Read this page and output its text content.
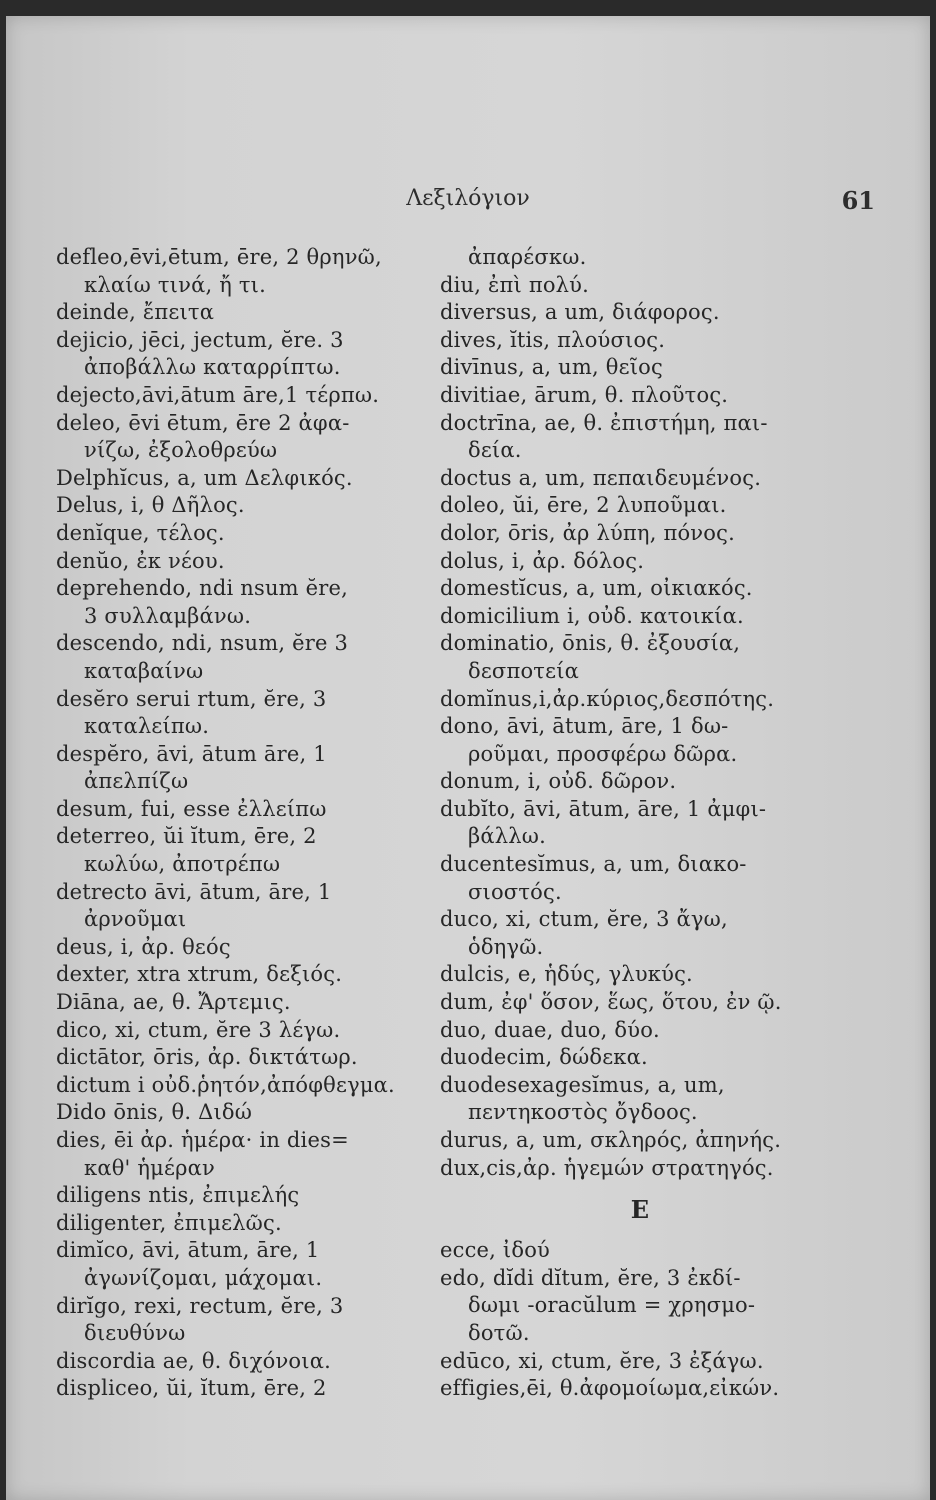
Λεξιλόγιον	61
defleo,ēvi,ētum, ēre, 2 θρηνῶ,
κλαίω τινά, ἤ τι.
deinde, ἔπειτα
dejicio, jēci, jectum, ĕre. 3
ἀποβάλλω καταρρίπτω.
dejecto,āvi,ātum āre,1 τέρπω.
deleo, ēvi ētum, ēre 2 ἀφα-
νίζω, ἐξολοθρεύω
Delphĭcus, a, um Δελφικός.
Delus, i, θ Δῆλος.
denĭque, τέλος.
denŭo, ἐκ νέου.
deprehendo, ndi nsum ĕre,
3 συλλαμβάνω.
descendo, ndi, nsum, ĕre 3
καταβαίνω
desĕro serui rtum, ĕre, 3
καταλείπω.
despĕro, āvi, ātum āre, 1
ἀπελπίζω
desum, fui, esse ἐλλείπω
deterreo, ŭi ĭtum, ēre, 2
κωλύω, ἀποτρέπω
detrecto āvi, ātum, āre, 1
ἀρνοῦμαι
deus, i, ἀρ. θεός
dexter, xtra xtrum, δεξιός.
Diāna, ae, θ. Ἄρτεμις.
dico, xi, ctum, ĕre 3 λέγω.
dictātor, ōris, ἀρ. δικτάτωρ.
dictum i οὐδ.ῥητόν,ἀπόφθεγμα.
Dido ōnis, θ. Διδώ
dies, ēi ἀρ. ἡμέρα· in dies=
καθ' ἡμέραν
diligens ntis, ἐπιμελής
diligenter, ἐπιμελῶς.
dimĭco, āvi, ātum, āre, 1
ἀγωνίζομαι, μάχομαι.
dirĭgo, rexi, rectum, ĕre, 3
διευθύνω
discordia ae, θ. διχόνοια.
displiceo, ŭi, ĭtum, ēre, 2
ἀπαρέσκω.
diu, ἐπὶ πολύ.
diversus, a um, διάφορος.
dives, ĭtis, πλούσιος.
divīnus, a, um, θεῖος
divitiae, ārum, θ. πλοῦτος.
doctrīna, ae, θ. ἐπιστήμη, παι-
δεία.
doctus a, um, πεπαιδευμένος.
doleo, ŭi, ēre, 2 λυποῦμαι.
dolor, ōris, ἀρ λύπη, πόνος.
dolus, i, ἀρ. δόλος.
domestĭcus, a, um, οἰκιακός.
domicilium i, οὐδ. κατοικία.
dominatio, ōnis, θ. ἐξουσία,
δεσποτεία
domĭnus,i,ἀρ.κύριος,δεσπότης.
dono, āvi, ātum, āre, 1 δω-
ροῦμαι, προσφέρω δῶρα.
donum, i, οὐδ. δῶρον.
dubĭto, āvi, ātum, āre, 1 ἀμφι-
βάλλω.
ducentesĭmus, a, um, διακο-
σιοστός.
duco, xi, ctum, ĕre, 3 ἄγω,
ὁδηγῶ.
dulcis, e, ἡδύς, γλυκύς.
dum, ἐφ' ὅσον, ἕως, ὅτου, ἐν ῷ.
duo, duae, duo, δύο.
duodecim, δώδεκα.
duodesexagesĭmus, a, um,
πεντηκοστὸς ὄγδοος.
durus, a, um, σκληρός, ἀπηνής.
dux,cis,ἀρ. ἡγεμών στρατηγός.
E
ecce, ἰδού
edo, dĭdi dĭtum, ĕre, 3 ἐκδί-
δωμι -oracŭlum = χρησμο-
δοτῶ.
edūco, xi, ctum, ĕre, 3 ἐξάγω.
effigies,ēi, θ.ἀφομοίωμα,εἰκών.
